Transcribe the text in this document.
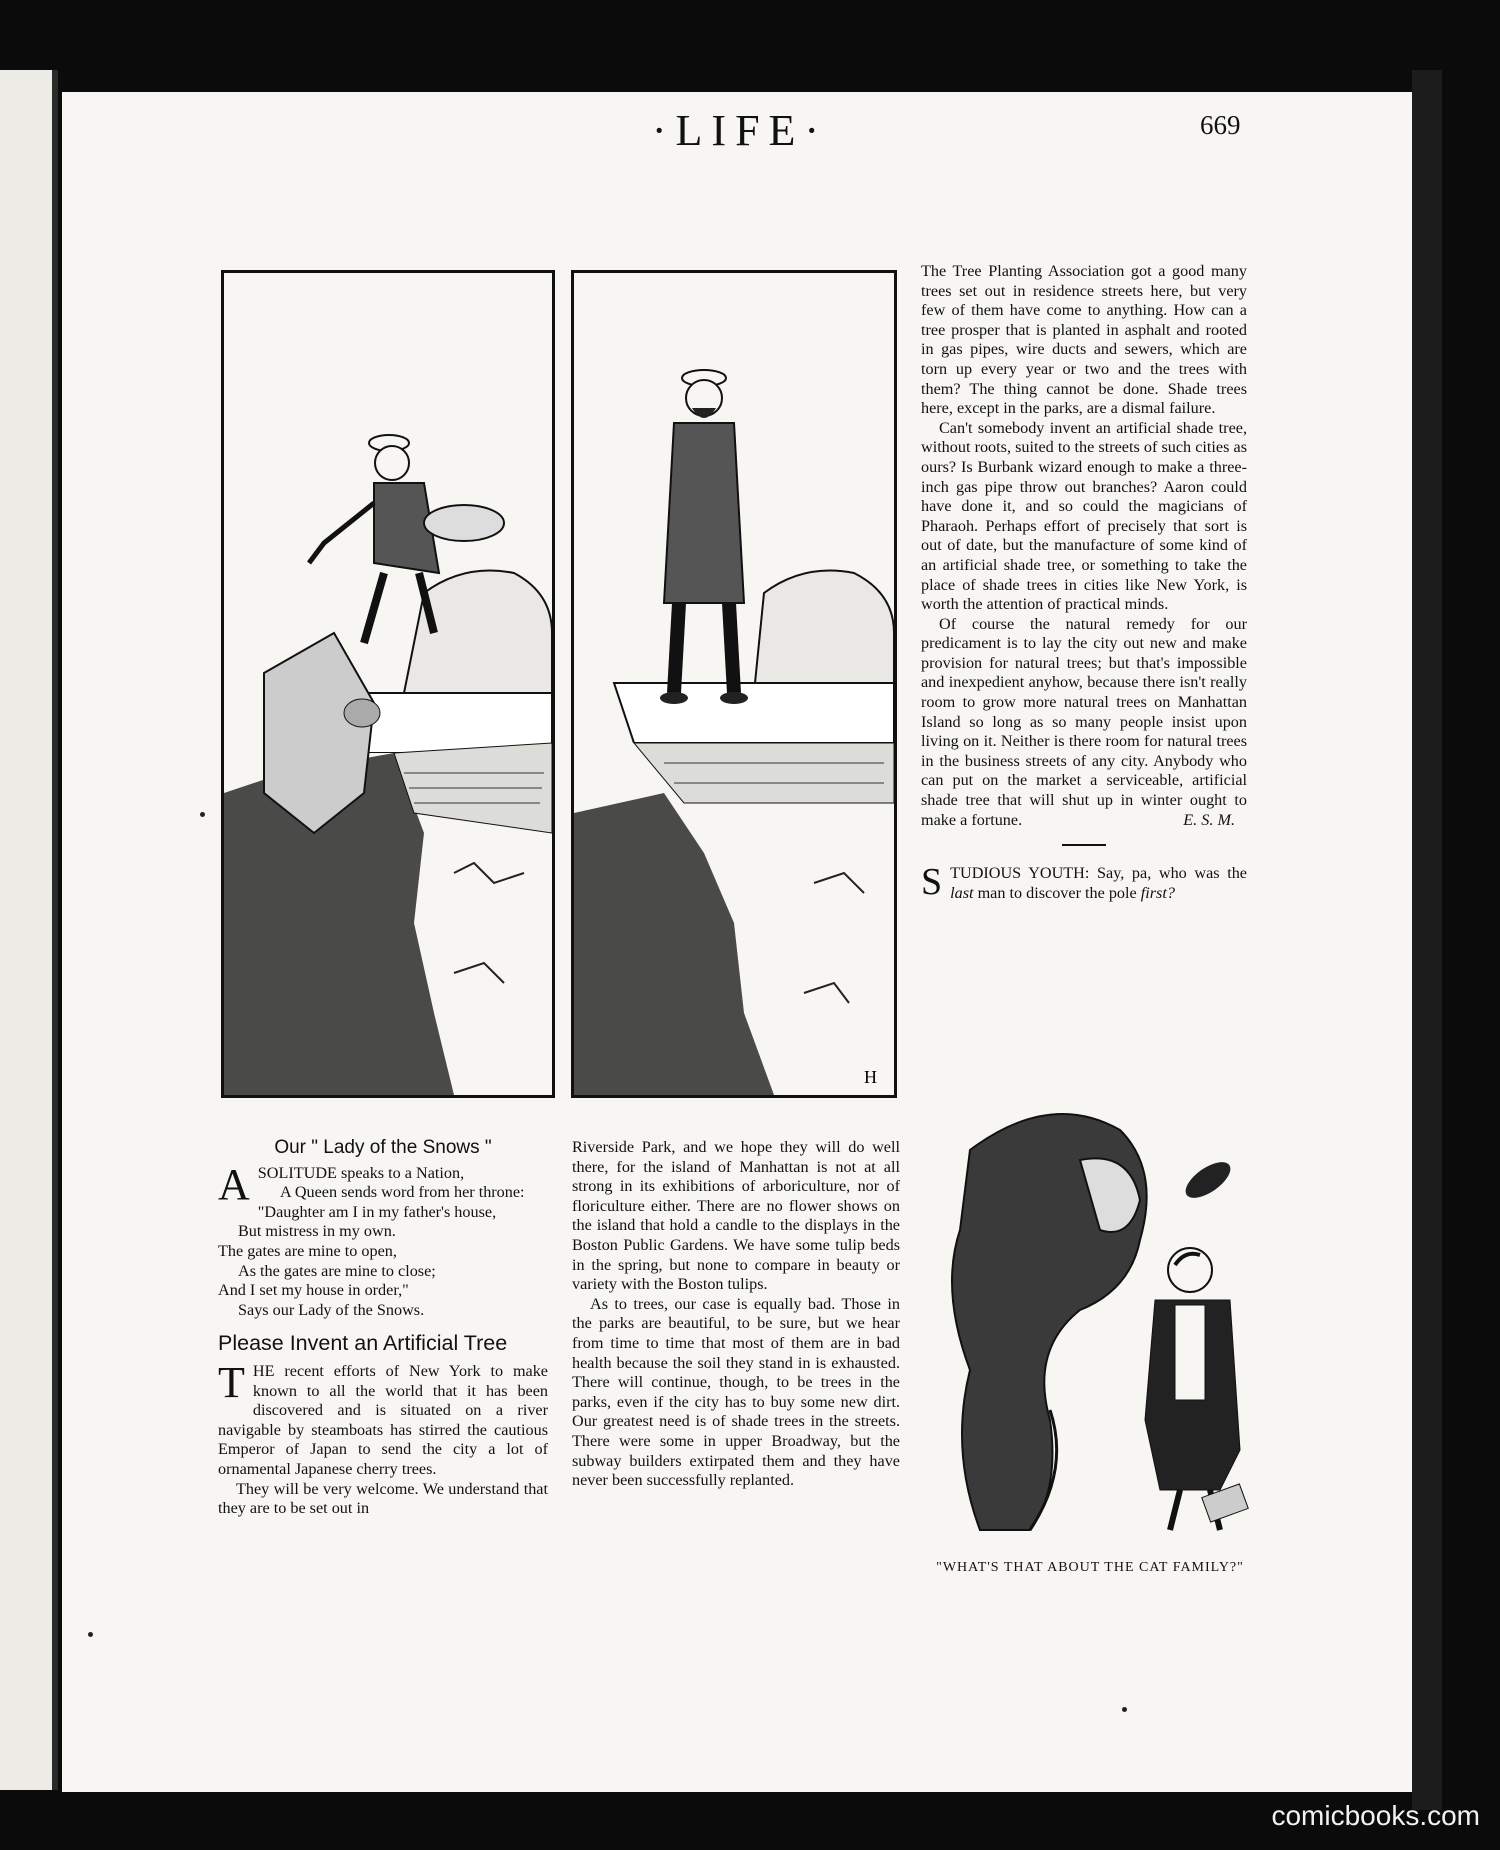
·LIFE·	669
H

The Tree Planting Association got a good many trees set out in residence streets here, but very few of them have come to anything. How can a tree prosper that is planted in asphalt and rooted in gas pipes, wire ducts and sewers, which are torn up every year or two and the trees with them? The thing cannot be done. Shade trees here, except in the parks, are a dismal failure.

Can't somebody invent an artificial shade tree, without roots, suited to the streets of such cities as ours? Is Burbank wizard enough to make a three-inch gas pipe throw out branches? Aaron could have done it, and so could the magicians of Pharaoh. Perhaps effort of precisely that sort is out of date, but the manufacture of some kind of an artificial shade tree, or something to take the place of shade trees in cities like New York, is worth the attention of practical minds.

Of course the natural remedy for our predicament is to lay the city out new and make provision for natural trees; but that's impossible and inexpedient anyhow, because there isn't really room to grow more natural trees on Manhattan Island so long as so many people insist upon living on it. Neither is there room for natural trees in the business streets of any city. Anybody who can put on the market a serviceable, artificial shade tree that will shut up in winter ought to make a fortune.	E. S. M.

STUDIOUS YOUTH: Say, pa, who was the last man to discover the pole first?

"WHAT'S THAT ABOUT THE CAT FAMILY?"
Our " Lady of the Snows "
ASOLITUDE speaks to a Nation,
A Queen sends word from her throne:
"Daughter am I in my father's house,
But mistress in my own.
The gates are mine to open,
As the gates are mine to close;
And I set my house in order,"
Says our Lady of the Snows.
Please Invent an Artificial Tree

THE recent efforts of New York to make known to all the world that it has been discovered and is situated on a river navigable by steamboats has stirred the cautious Emperor of Japan to send the city a lot of ornamental Japanese cherry trees.

They will be very welcome. We understand that they are to be set out in

Riverside Park, and we hope they will do well there, for the island of Manhattan is not at all strong in its exhibitions of arboriculture, nor of floriculture either. There are no flower shows on the island that hold a candle to the displays in the Boston Public Gardens. We have some tulip beds in the spring, but none to compare in beauty or variety with the Boston tulips.

As to trees, our case is equally bad. Those in the parks are beautiful, to be sure, but we hear from time to time that most of them are in bad health because the soil they stand in is exhausted. There will continue, though, to be trees in the parks, even if the city has to buy some new dirt. Our greatest need is of shade trees in the streets. There were some in upper Broadway, but the subway builders extirpated them and they have never been successfully replanted.

comicbooks.com
